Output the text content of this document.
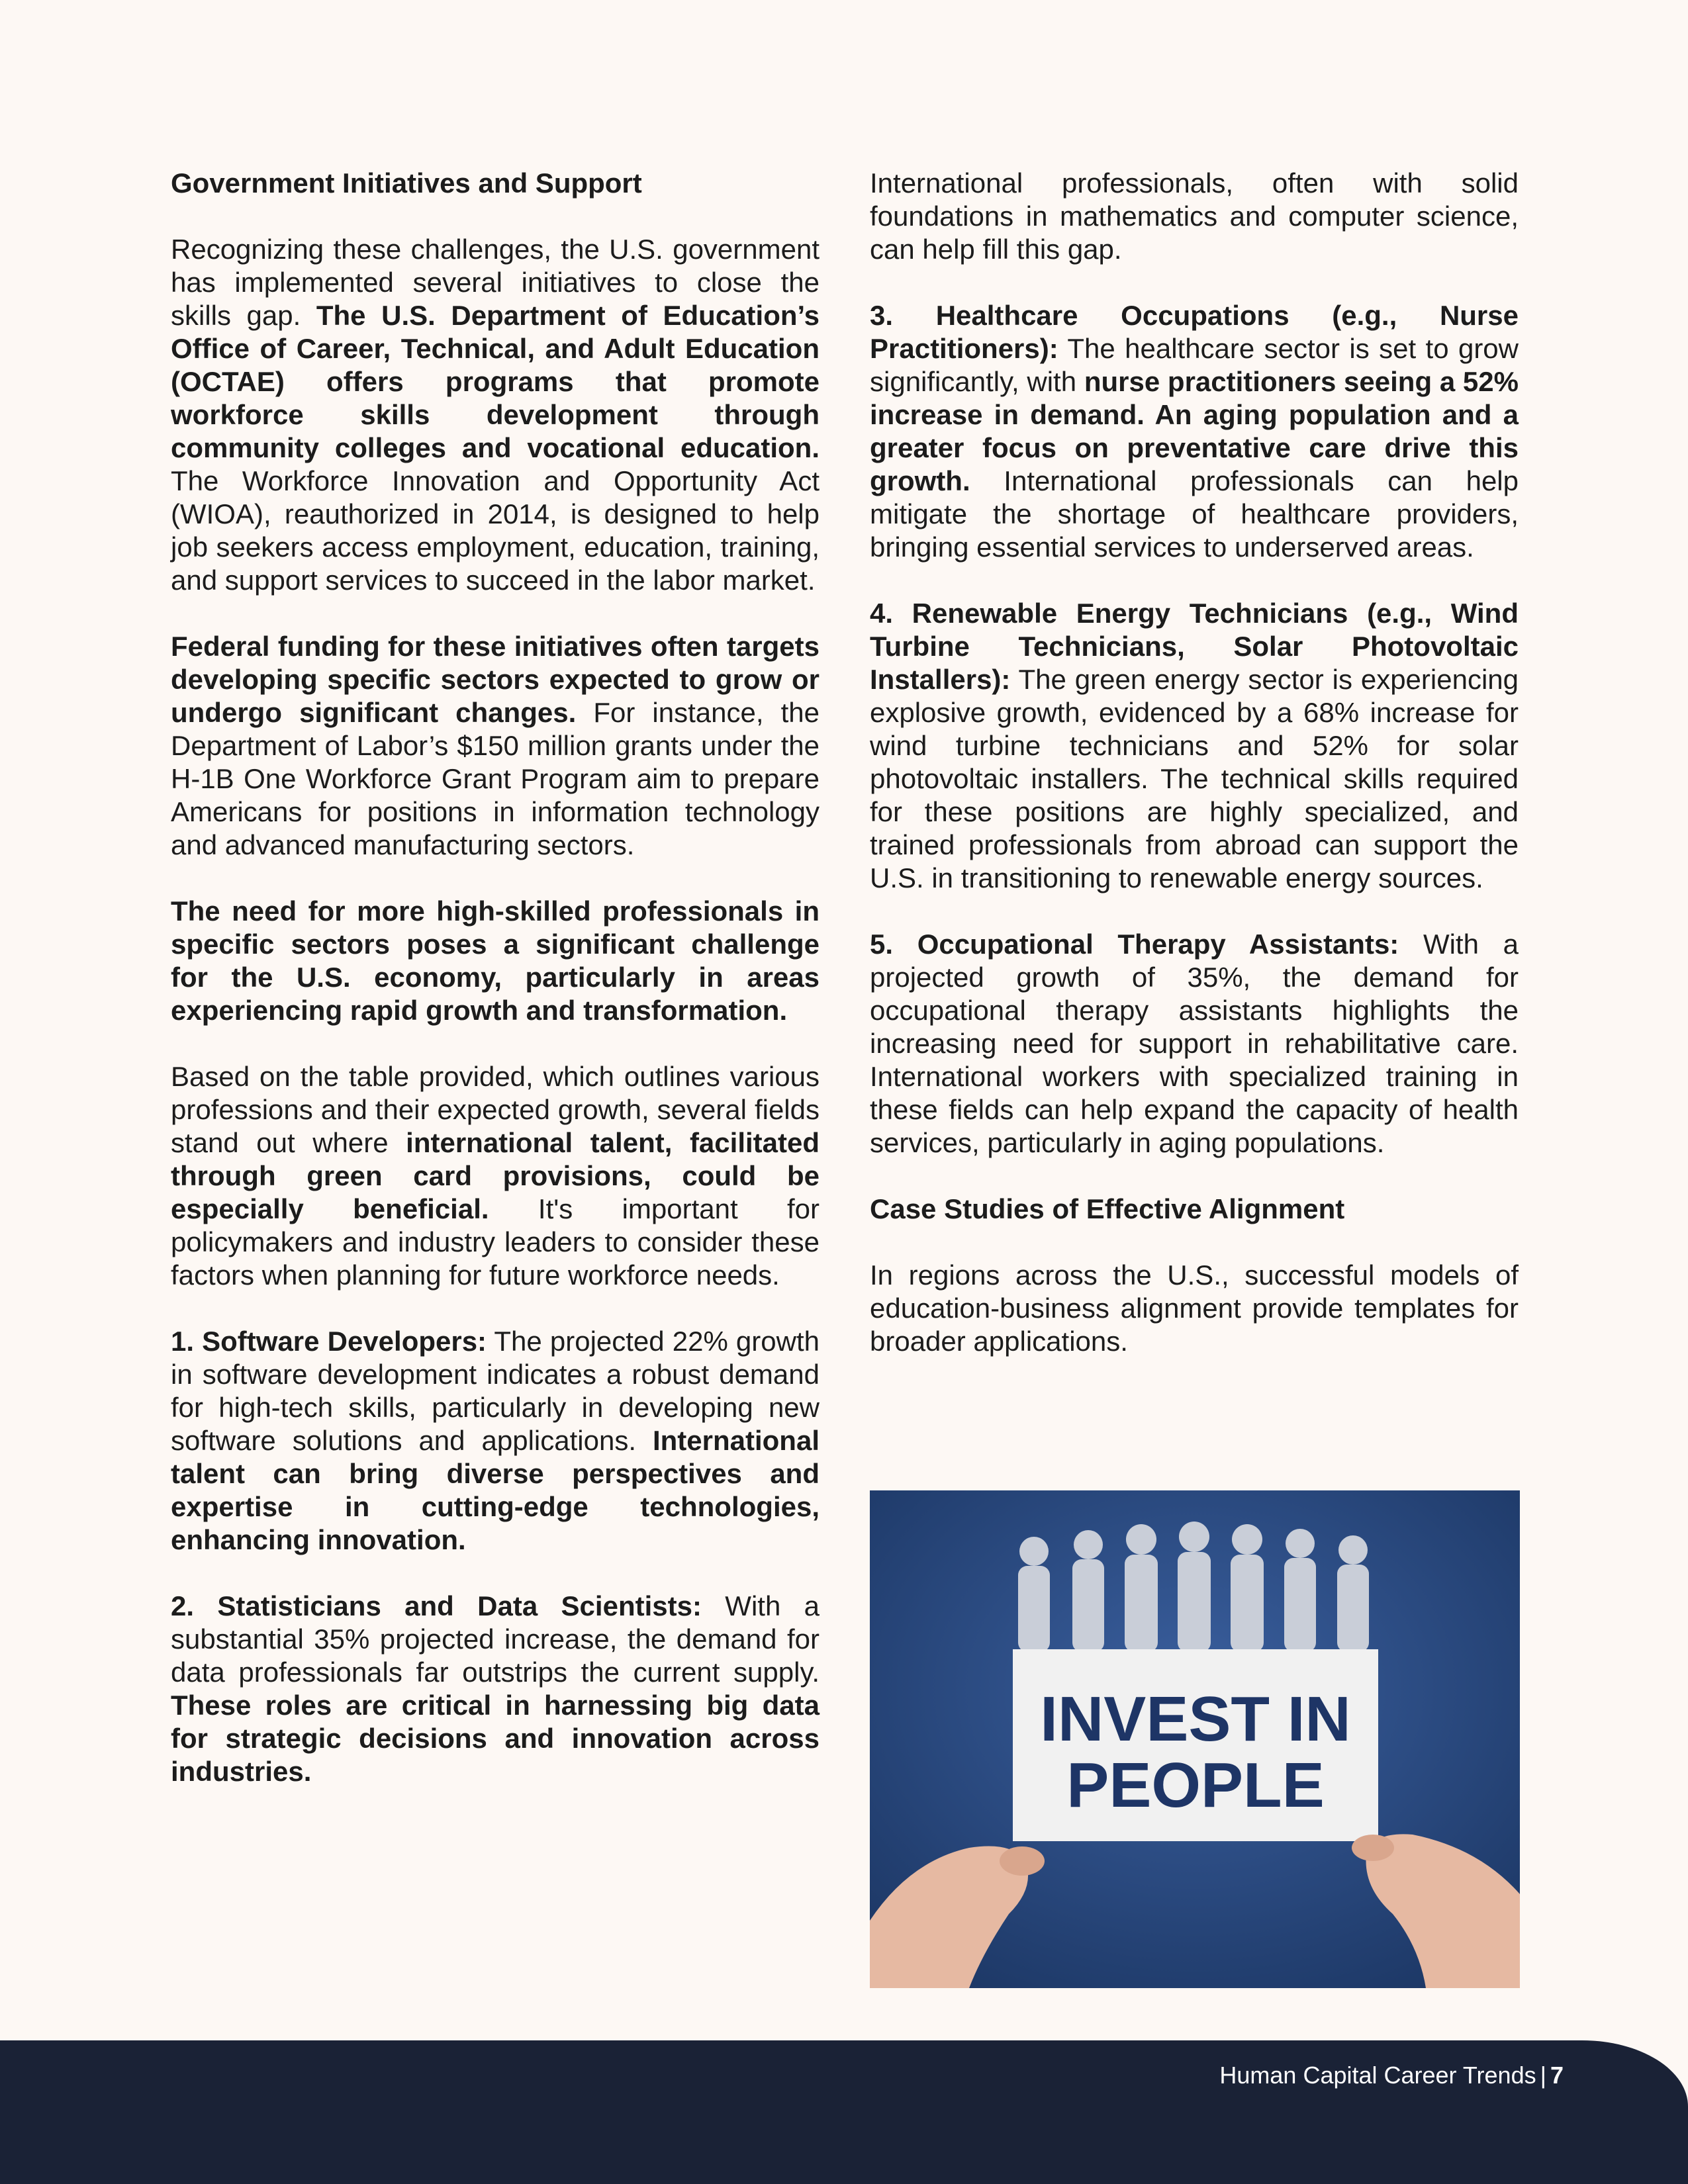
Government Initiatives and Support

Recognizing these challenges, the U.S. government has implemented several initiatives to close the skills gap. The U.S. Department of Education’s Office of Career, Technical, and Adult Education (OCTAE) offers programs that promote workforce skills development through community colleges and vocational education. The Workforce Innovation and Opportunity Act (WIOA), reauthorized in 2014, is designed to help job seekers access employment, education, training, and support services to succeed in the labor market.

Federal funding for these initiatives often targets developing specific sectors expected to grow or undergo significant changes. For instance, the Department of Labor’s $150 million grants under the H-1B One Workforce Grant Program aim to prepare Americans for positions in information technology and advanced manufacturing sectors.

The need for more high-skilled professionals in specific sectors poses a significant challenge for the U.S. economy, particularly in areas experiencing rapid growth and transformation.

Based on the table provided, which outlines various professions and their expected growth, several fields stand out where international talent, facilitated through green card provisions, could be especially beneficial. It's important for policymakers and industry leaders to consider these factors when planning for future workforce needs.

1. Software Developers: The projected 22% growth in software development indicates a robust demand for high-tech skills, particularly in developing new software solutions and applications. International talent can bring diverse perspectives and expertise in cutting-edge technologies, enhancing innovation.

2. Statisticians and Data Scientists: With a substantial 35% projected increase, the demand for data professionals far outstrips the current supply. These roles are critical in harnessing big data for strategic decisions and innovation across industries.

International professionals, often with solid foundations in mathematics and computer science, can help fill this gap.

3. Healthcare Occupations (e.g., Nurse Practitioners): The healthcare sector is set to grow significantly, with nurse practitioners seeing a 52% increase in demand. An aging population and a greater focus on preventative care drive this growth. International professionals can help mitigate the shortage of healthcare providers, bringing essential services to underserved areas.

4. Renewable Energy Technicians (e.g., Wind Turbine Technicians, Solar Photovoltaic Installers): The green energy sector is experiencing explosive growth, evidenced by a 68% increase for wind turbine technicians and 52% for solar photovoltaic installers. The technical skills required for these positions are highly specialized, and trained professionals from abroad can support the U.S. in transitioning to renewable energy sources.

5. Occupational Therapy Assistants: With a projected growth of 35%, the demand for occupational therapy assistants highlights the increasing need for support in rehabilitative care. International workers with specialized training in these fields can help expand the capacity of health services, particularly in aging populations.

Case Studies of Effective Alignment

In regions across the U.S., successful models of education-business alignment provide templates for broader applications.

INVEST IN
PEOPLE
Human Capital Career Trends | 7
